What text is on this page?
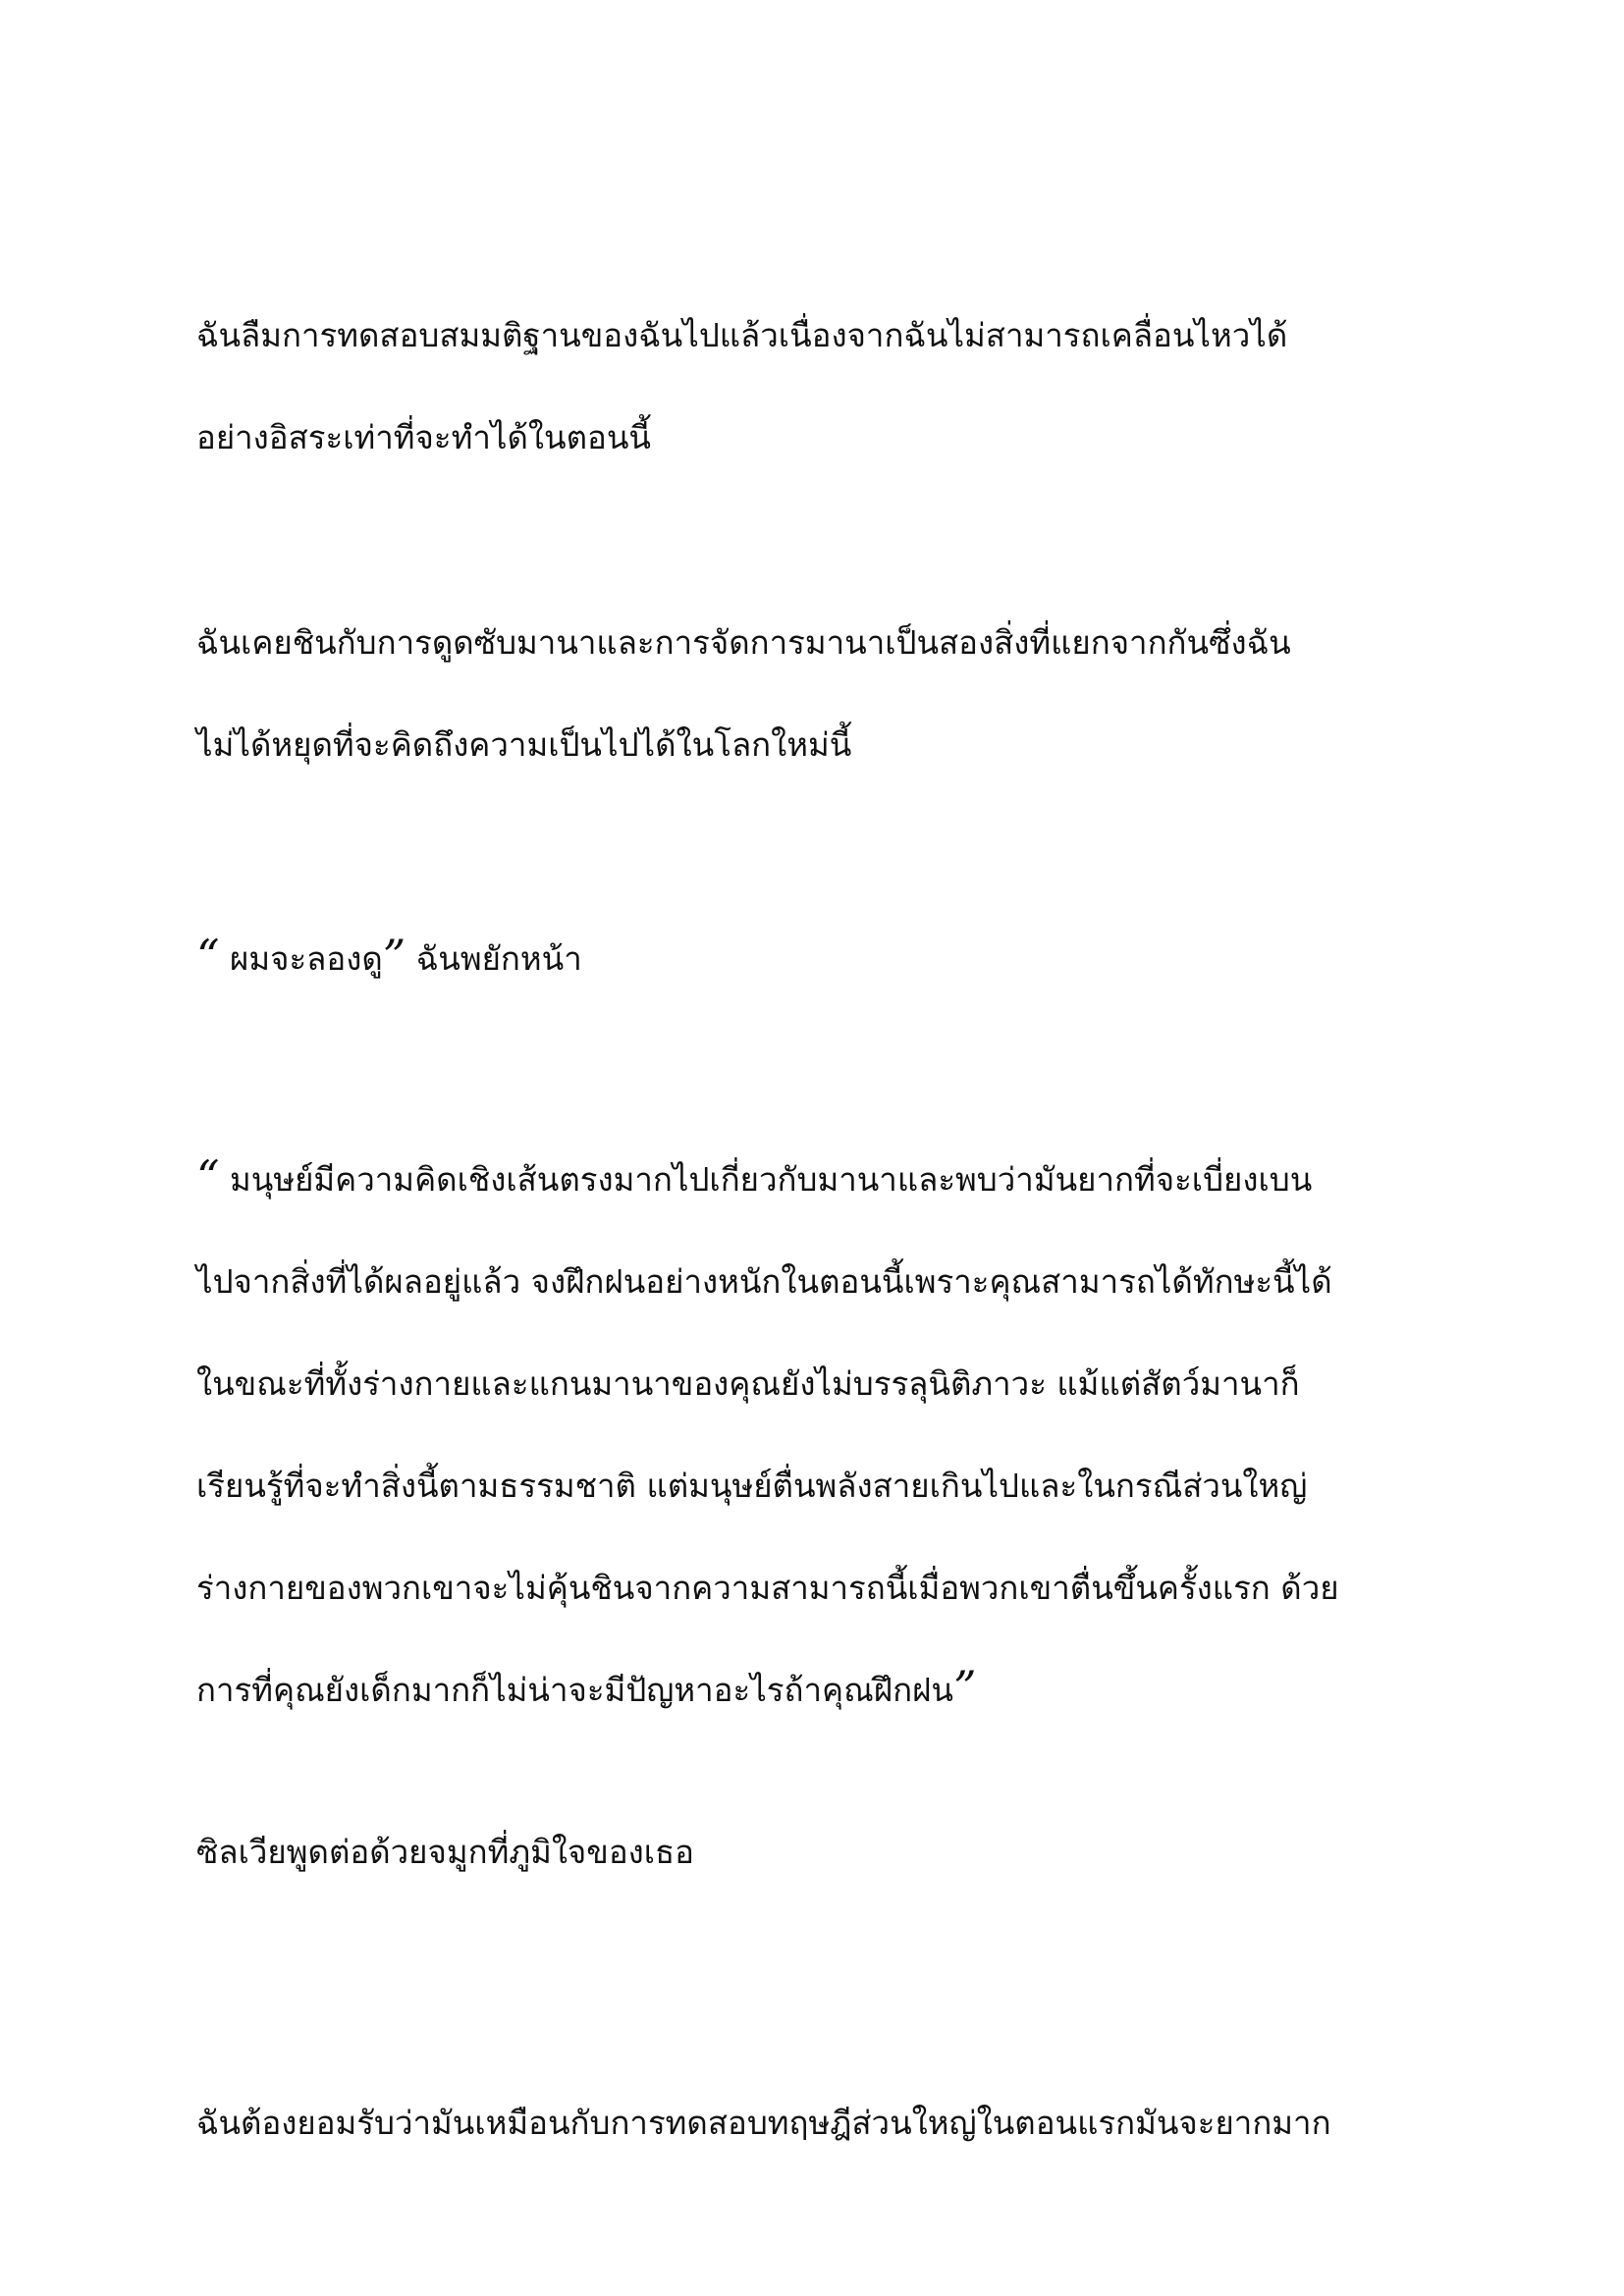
ฉันลืมการทดสอบสมมติฐานของฉันไปแล้วเนื่องจากฉันไม่สามารถเคลื่อนไหวได้
อย่างอิสระเท่าที่จะทำได้ในตอนนี้

ฉันเคยชินกับการดูดซับมานาและการจัดการมานาเป็นสองสิ่งที่แยกจากกันซึ่งฉัน
ไม่ได้หยุดที่จะคิดถึงความเป็นไปได้ในโลกใหม่นี้

“ ผมจะลองดู” ฉันพยักหน้า

“ มนุษย์มีความคิดเชิงเส้นตรงมากไปเกี่ยวกับมานาและพบว่ามันยากที่จะเบี่ยงเบน
ไปจากสิ่งที่ได้ผลอยู่แล้ว จงฝึกฝนอย่างหนักในตอนนี้เพราะคุณสามารถได้ทักษะนี้ได้
ในขณะที่ทั้งร่างกายและแกนมานาของคุณยังไม่บรรลุนิติภาวะ แม้แต่สัตว์มานาก็
เรียนรู้ที่จะทำสิ่งนี้ตามธรรมชาติ แต่มนุษย์ตื่นพลังสายเกินไปและในกรณีส่วนใหญ่
ร่างกายของพวกเขาจะไม่คุ้นชินจากความสามารถนี้เมื่อพวกเขาตื่นขึ้นครั้งแรก ด้วย
การที่คุณยังเด็กมากก็ไม่น่าจะมีปัญหาอะไรถ้าคุณฝึกฝน”

ซิลเวียพูดต่อด้วยจมูกที่ภูมิใจของเธอ

ฉันต้องยอมรับว่ามันเหมือนกับการทดสอบทฤษฎีส่วนใหญ่ในตอนแรกมันจะยากมาก
